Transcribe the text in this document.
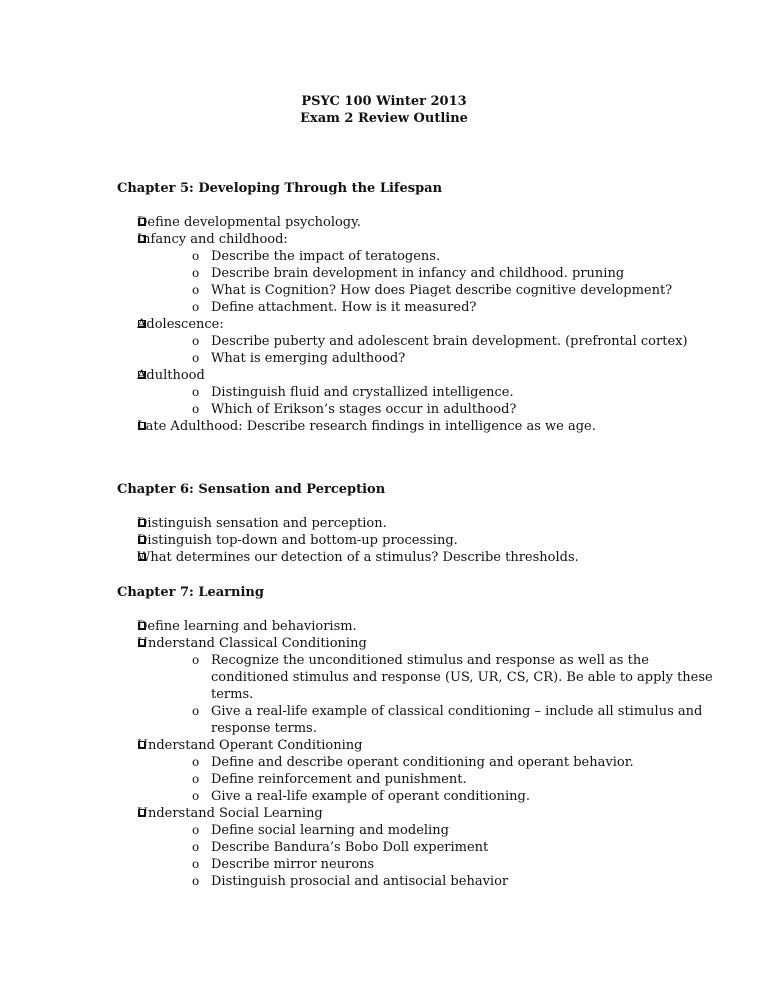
PSYC 100 Winter 2013
Exam 2 Review Outline
Chapter 5: Developing Through the Lifespan
Define developmental psychology.
Infancy and childhood:
o Describe the impact of teratogens.
o Describe brain development in infancy and childhood. pruning
o What is Cognition? How does Piaget describe cognitive development?
o Define attachment. How is it measured?
Adolescence:
o Describe puberty and adolescent brain development. (prefrontal cortex)
o What is emerging adulthood?
Adulthood
o Distinguish fluid and crystallized intelligence.
o Which of Erikson’s stages occur in adulthood?
Late Adulthood: Describe research findings in intelligence as we age.
Chapter 6: Sensation and Perception
Distinguish sensation and perception.
Distinguish top-down and bottom-up processing.
What determines our detection of a stimulus? Describe thresholds.
Chapter 7: Learning
Define learning and behaviorism.
Understand Classical Conditioning
o Recognize the unconditioned stimulus and response as well as the conditioned stimulus and response (US, UR, CS, CR). Be able to apply these terms.
o Give a real-life example of classical conditioning – include all stimulus and response terms.
Understand Operant Conditioning
o Define and describe operant conditioning and operant behavior.
o Define reinforcement and punishment.
o Give a real-life example of operant conditioning.
Understand Social Learning
o Define social learning and modeling
o Describe Bandura’s Bobo Doll experiment
o Describe mirror neurons
o Distinguish prosocial and antisocial behavior
